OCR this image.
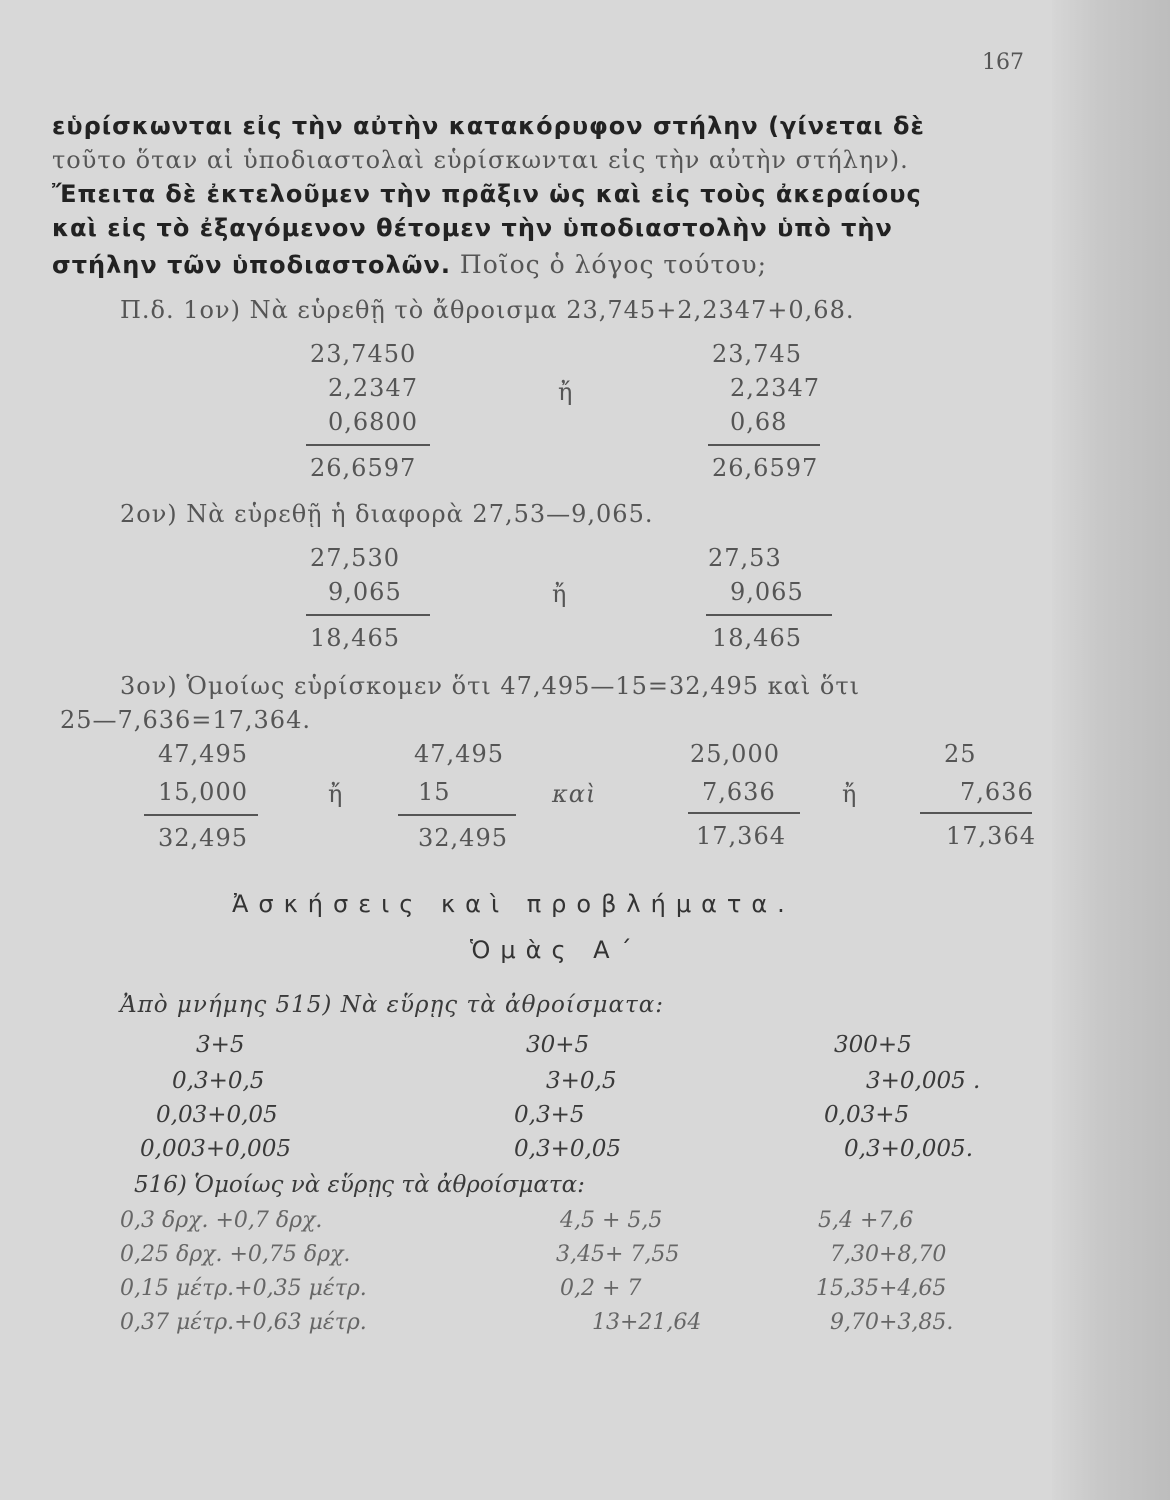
167
εὑρίσκωνται εἰς τὴν αὐτὴν κατακόρυφον στήλην (γίνεται δὲ
τοῦτο ὅταν αἱ ὑποδιαστολαὶ εὑρίσκωνται εἰς τὴν αὐτὴν στήλην).
Ἔπειτα δὲ ἐκτελοῦμεν τὴν πρᾶξιν ὡς καὶ εἰς τοὺς ἀκεραίους
καὶ εἰς τὸ ἐξαγόμενον θέτομεν τὴν ὑποδιαστολὴν ὑπὸ τὴν
στήλην τῶν ὑποδιαστολῶν. Ποῖος ὁ λόγος τούτου;
Π.δ. 1ον) Νὰ εὑρεθῇ τὸ ἄθροισμα 23,745+2,2347+0,68.
23,7450
2,2347
0,6800
26,6597
ἤ
23,745
2,2347
0,68
26,6597
2ον) Νὰ εὑρεθῇ ἡ διαφορὰ 27,53—9,065.
27,530
9,065
18,465
ἤ
27,53
9,065
18,465
3ον) Ὁμοίως εὑρίσκομεν ὅτι 47,495—15=32,495 καὶ ὅτι
25—7,636=17,364.
47,495
15,000
32,495
ἤ
47,495
15
32,495
καὶ
25,000
7,636
17,364
ἤ
25
7,636
17,364
Ἀσκήσεις καὶ προβλήματα.
Ὁμὰς Α΄
Ἀπὸ μνήμης 515) Νὰ εὕρῃς τὰ ἀθροίσματα:
3+5
0,3+0,5
0,03+0,05
0,003+0,005
30+5
3+0,5
0,3+5
0,3+0,05
300+5
3+0,005 .
0,03+5
0,3+0,005.
516) Ὁμοίως νὰ εὕρῃς τὰ ἀθροίσματα:
0,3 δρχ. +0,7 δρχ.
0,25 δρχ. +0,75 δρχ.
0,15 μέτρ.+0,35 μέτρ.
0,37 μέτρ.+0,63 μέτρ.
4,5 + 5,5
3,45+ 7,55
0,2 + 7
13+21,64
5,4 +7,6
7,30+8,70
15,35+4,65
9,70+3,85.
